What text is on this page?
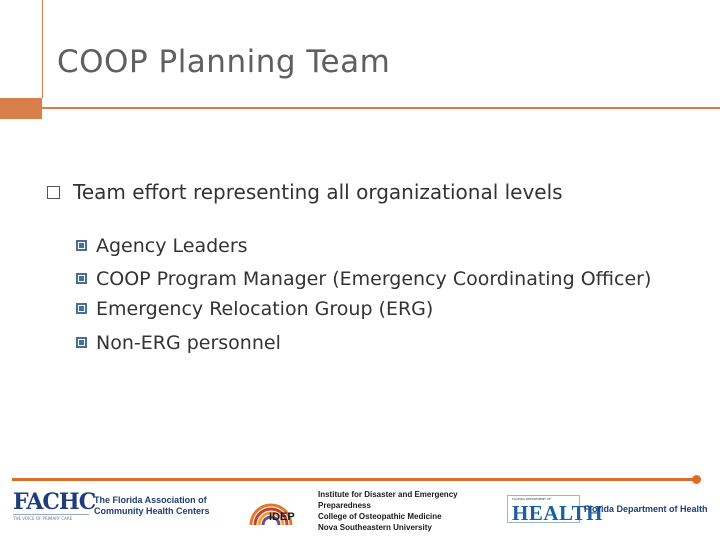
COOP Planning Team
Team effort representing all organizational levels
Agency Leaders
COOP Program Manager (Emergency Coordinating Officer)
Emergency Relocation Group (ERG)
Non-ERG personnel
FACHC
THE VOICE OF PRIMARY CARE
The Florida Association of Community Health Centers	IDEP
Institute for Disaster and Emergency Preparedness
College of Osteopathic Medicine
Nova Southeastern University
FLORIDA DEPARTMENT OF
HEALTH
Florida Department of Health
